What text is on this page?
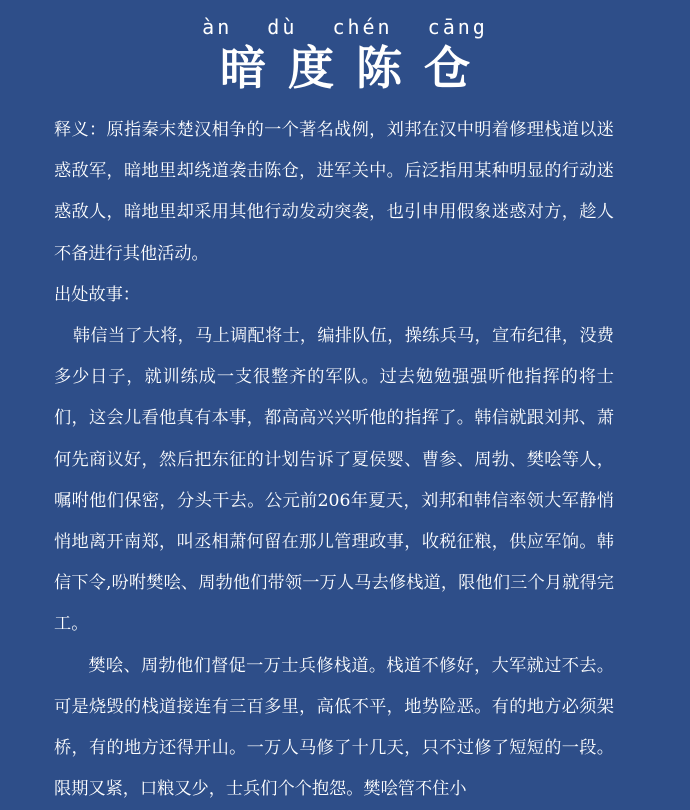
àn dù chén cāng
暗度陈仓

释义：原指秦末楚汉相争的一个著名战例，刘邦在汉中明着修理栈道以迷惑敌军，暗地里却绕道袭击陈仓，进军关中。后泛指用某种明显的行动迷惑敌人，暗地里却采用其他行动发动突袭，也引申用假象迷惑对方，趁人不备进行其他活动。

出处故事：

韩信当了大将，马上调配将士，编排队伍，操练兵马，宣布纪律，没费多少日子，就训练成一支很整齐的军队。过去勉勉强强听他指挥的将士们，这会儿看他真有本事，都高高兴兴听他的指挥了。韩信就跟刘邦、萧何先商议好，然后把东征的计划告诉了夏侯婴、曹参、周勃、樊哙等人，嘱咐他们保密，分头干去。公元前206年夏天，刘邦和韩信率领大军静悄悄地离开南郑，叫丞相萧何留在那儿管理政事，收税征粮，供应军饷。韩信下令,吩咐樊哙、周勃他们带领一万人马去修栈道，限他们三个月就得完工。

樊哙、周勃他们督促一万士兵修栈道。栈道不修好，大军就过不去。可是烧毁的栈道接连有三百多里，高低不平，地势险恶。有的地方必须架桥，有的地方还得开山。一万人马修了十几天，只不过修了短短的一段。限期又紧，口粮又少，士兵们个个抱怨。樊哙管不住小
